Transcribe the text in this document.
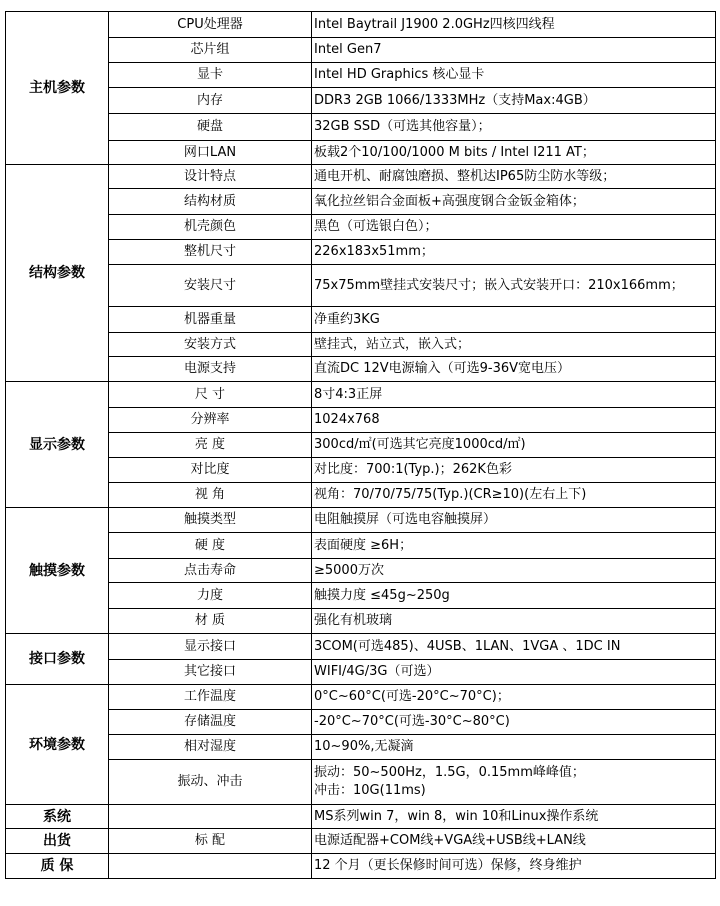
主机参数	CPU处理器	Intel Baytrail J1900 2.0GHz四核四线程
	芯片组	Intel Gen7
	显卡	Intel HD Graphics 核心显卡
	内存	DDR3 2GB 1066/1333MHz（支持Max:4GB）
	硬盘	32GB SSD（可选其他容量）；
	网口LAN	板载2个10/100/1000 M bits / Intel I211 AT；
结构参数	设计特点	通电开机、耐腐蚀磨损、整机达IP65防尘防水等级；
	结构材质	氧化拉丝铝合金面板+高强度钢合金钣金箱体；
	机壳颜色	黑色（可选银白色）；
	整机尺寸	226x183x51mm；
	安装尺寸	75x75mm壁挂式安装尺寸；嵌入式安装开口：210x166mm；
	机器重量	净重约3KG
	安装方式	壁挂式，站立式，嵌入式；
	电源支持	直流DC 12V电源输入（可选9-36V宽电压）
显示参数	尺 寸	8寸4:3正屏
	分辨率	1024x768
	亮 度	300cd/㎡(可选其它亮度1000cd/㎡)
	对比度	对比度：700:1(Typ.)；262K色彩
	视 角	视角：70/70/75/75(Typ.)(CR≥10)(左右上下)
触摸参数	触摸类型	电阻触摸屏（可选电容触摸屏）
	硬 度	表面硬度 ≥6H；
	点击寿命	≥5000万次
	力度	触摸力度 ≤45g~250g
	材 质	强化有机玻璃
接口参数	显示接口	3COM(可选485)、4USB、1LAN、1VGA 、1DC IN
	其它接口	WIFI/4G/3G（可选）
环境参数	工作温度	0°C~60°C(可选-20°C~70°C)；
	存储温度	-20°C~70°C(可选-30°C~80°C)
	相对湿度	10~90%,无凝滴
	振动、冲击	振动：50~500Hz，1.5G，0.15mm峰峰值；
冲击：10G(11ms)

系统		MS系列win 7，win 8，win 10和Linux操作系统
出货	标 配	电源适配器+COM线+VGA线+USB线+LAN线
质 保		12 个月（更长保修时间可选）保修，终身维护
